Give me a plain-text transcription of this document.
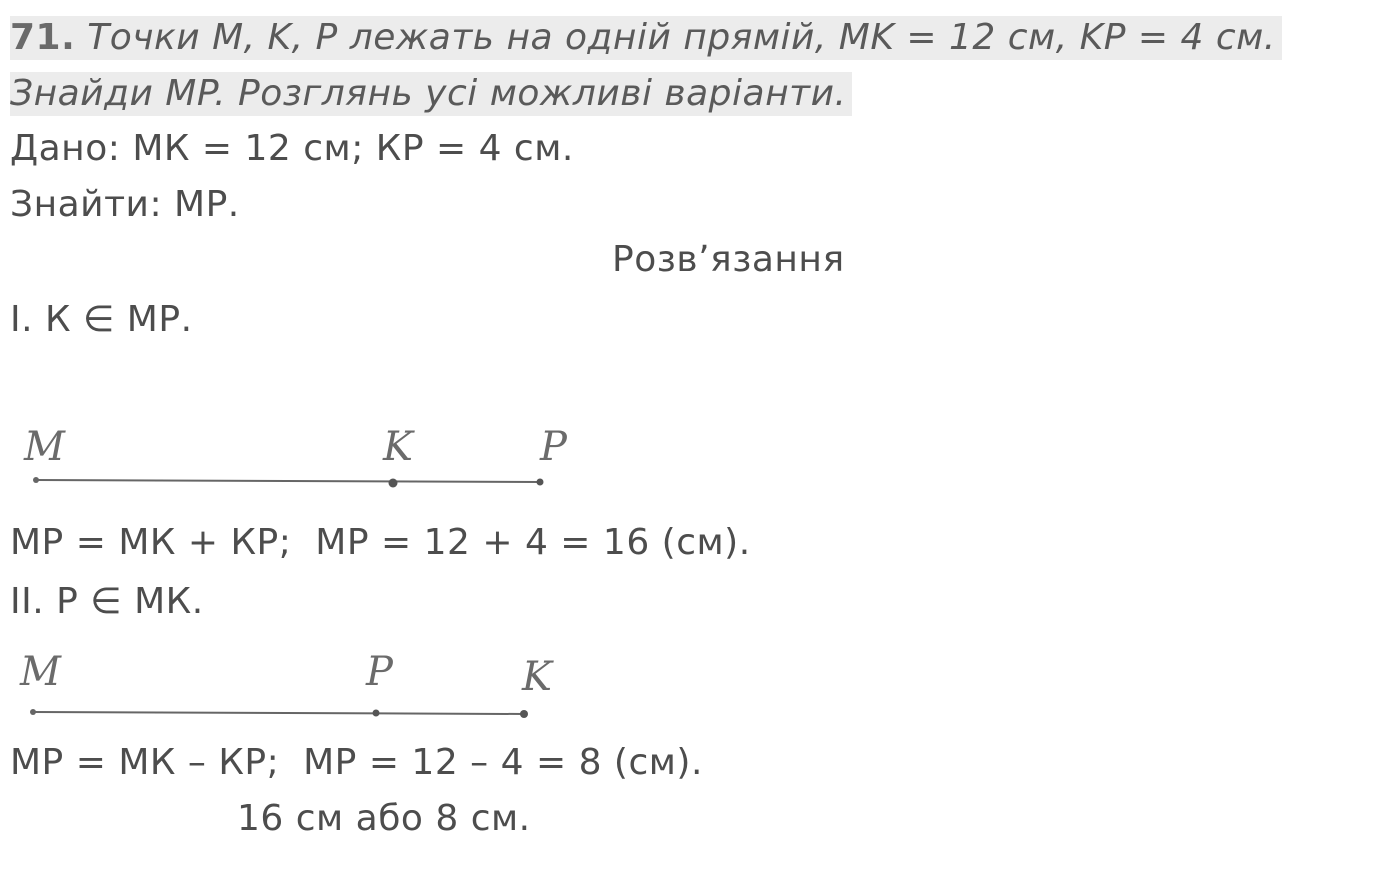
71. Точки M, K, P лежать на одній прямій, MK = 12 см, KP = 4 см.
Знайди MP. Розглянь усі можливі варіанти.
Дано: МК = 12 см; КР = 4 см.
Знайти: МР.
Розв’язання
I. К ∈ МР.
M	K	P
МР = МК + КР;  МР = 12 + 4 = 16 (см).
II. Р ∈ МК.
M	P	K
МР = МК – КР;  МР = 12 – 4 = 8 (см).
16 см або 8 см.
